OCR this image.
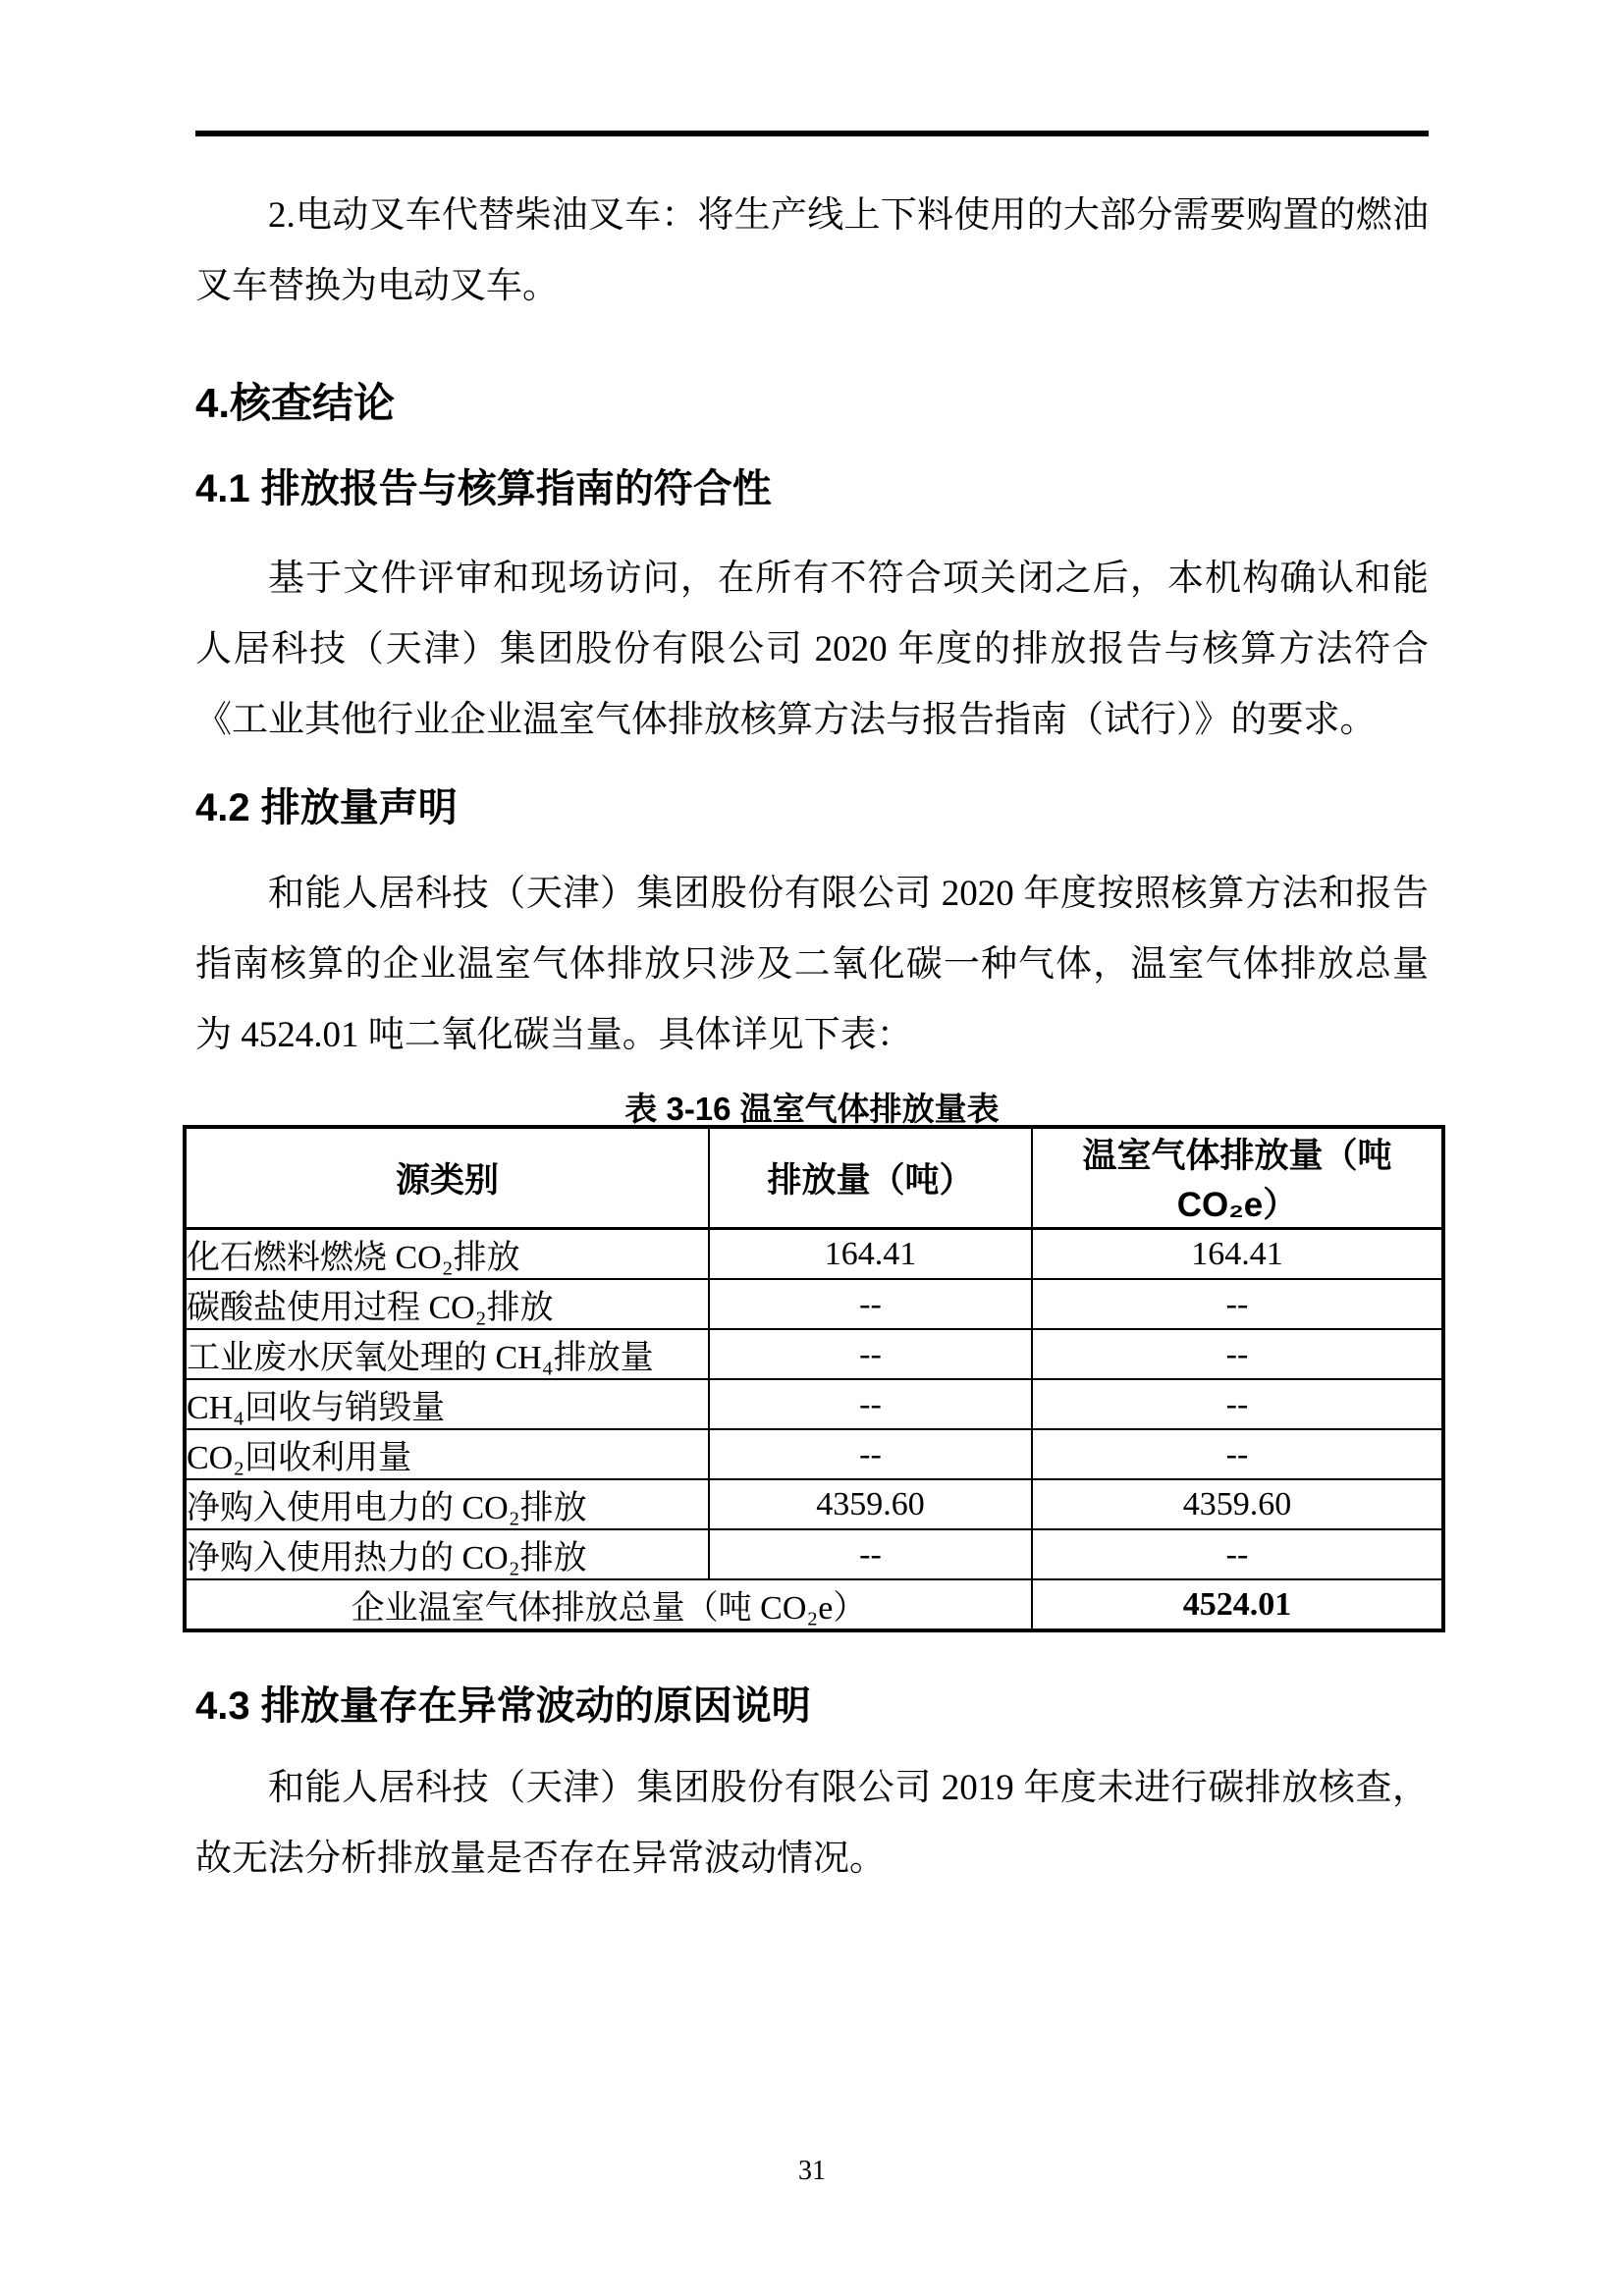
2.电动叉车代替柴油叉车：将生产线上下料使用的大部分需要购置的燃油叉车替换为电动叉车。

4.核查结论
4.1 排放报告与核算指南的符合性

基于文件评审和现场访问，在所有不符合项关闭之后，本机构确认和能人居科技（天津）集团股份有限公司 2020 年度的排放报告与核算方法符合《工业其他行业企业温室气体排放核算方法与报告指南（试行）》的要求。

4.2 排放量声明

和能人居科技（天津）集团股份有限公司 2020 年度按照核算方法和报告指南核算的企业温室气体排放只涉及二氧化碳一种气体，温室气体排放总量为 4524.01 吨二氧化碳当量。具体详见下表：

表 3-16 温室气体排放量表
源类别	排放量（吨）	温室气体排放量（吨 CO₂e）
化石燃料燃烧 CO₂排放	164.41	164.41
碳酸盐使用过程 CO₂排放	--	--
工业废水厌氧处理的 CH₄排放量	--	--
CH₄回收与销毁量	--	--
CO₂回收利用量	--	--
净购入使用电力的 CO₂排放	4359.60	4359.60
净购入使用热力的 CO₂排放	--	--
企业温室气体排放总量（吨 CO₂e）		4524.01
4.3 排放量存在异常波动的原因说明

和能人居科技（天津）集团股份有限公司 2019 年度未进行碳排放核查，故无法分析排放量是否存在异常波动情况。

31
